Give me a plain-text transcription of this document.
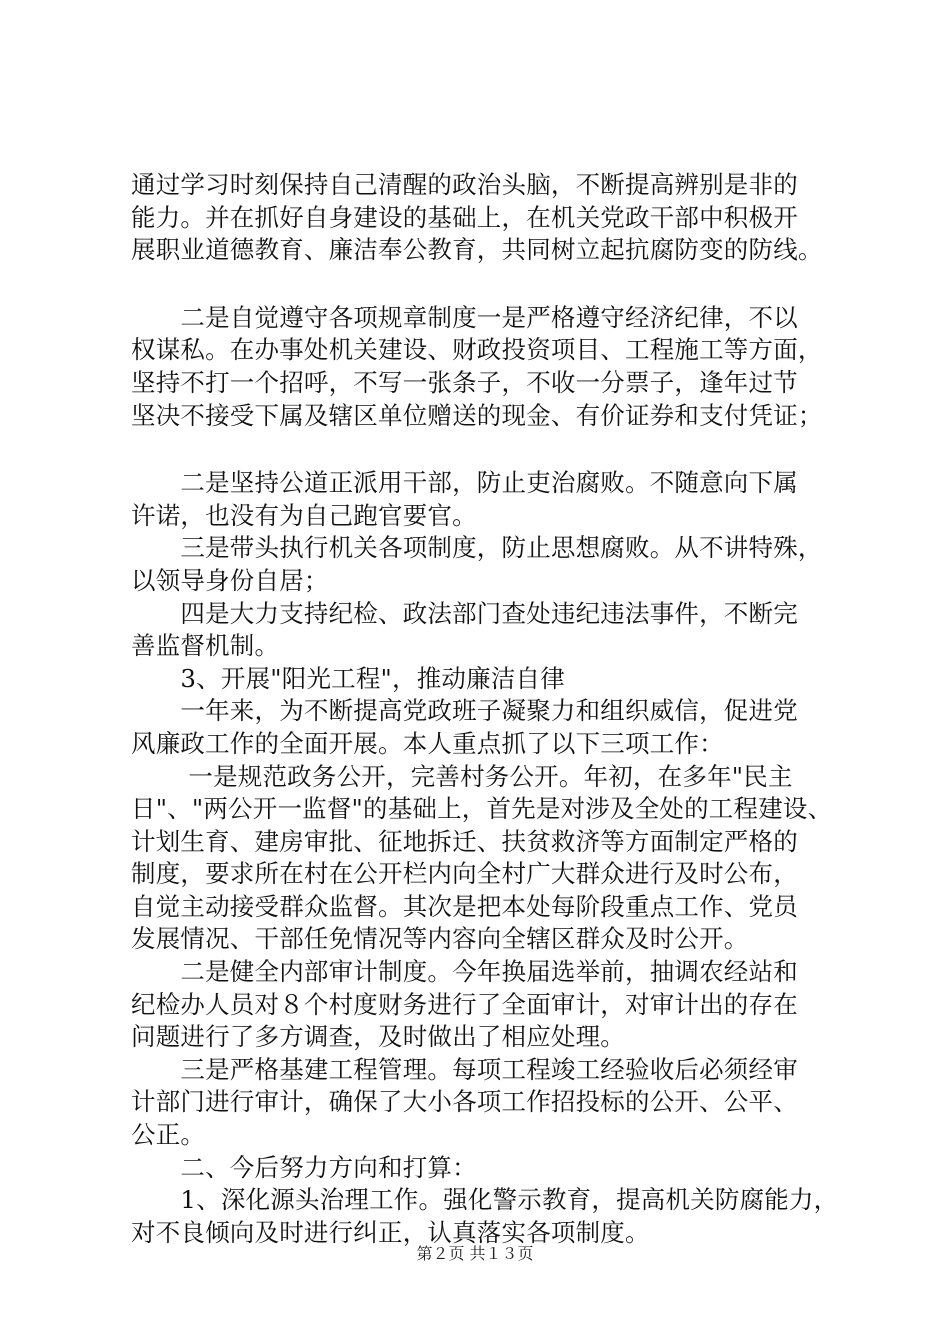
通过学习时刻保持自己清醒的政治头脑，不断提高辨别是非的
能力。并在抓好自身建设的基础上，在机关党政干部中积极开
展职业道德教育、廉洁奉公教育，共同树立起抗腐防变的防线。
　　二是自觉遵守各项规章制度一是严格遵守经济纪律，不以
权谋私。在办事处机关建设、财政投资项目、工程施工等方面，
坚持不打一个招呼，不写一张条子，不收一分票子，逢年过节
坚决不接受下属及辖区单位赠送的现金、有价证券和支付凭证；
　　二是坚持公道正派用干部，防止吏治腐败。不随意向下属
许诺，也没有为自己跑官要官。
　　三是带头执行机关各项制度，防止思想腐败。从不讲特殊，
以领导身份自居；
　　四是大力支持纪检、政法部门查处违纪违法事件，不断完
善监督机制。
　　3、开展"阳光工程"，推动廉洁自律
　　一年来，为不断提高党政班子凝聚力和组织威信，促进党
风廉政工作的全面开展。本人重点抓了以下三项工作：
　　 一是规范政务公开，完善村务公开。年初，在多年"民主
日"、"两公开一监督"的基础上，首先是对涉及全处的工程建设、
计划生育、建房审批、征地拆迁、扶贫救济等方面制定严格的
制度，要求所在村在公开栏内向全村广大群众进行及时公布，
自觉主动接受群众监督。其次是把本处每阶段重点工作、党员
发展情况、干部任免情况等内容向全辖区群众及时公开。
　　二是健全内部审计制度。今年换届选举前，抽调农经站和
纪检办人员对８个村度财务进行了全面审计，对审计出的存在
问题进行了多方调查，及时做出了相应处理。
　　三是严格基建工程管理。每项工程竣工经验收后必须经审
计部门进行审计，确保了大小各项工作招投标的公开、公平、
公正。
　　二、今后努力方向和打算：
　　1、深化源头治理工作。强化警示教育，提高机关防腐能力，
对不良倾向及时进行纠正，认真落实各项制度。
第２页 共１３页
